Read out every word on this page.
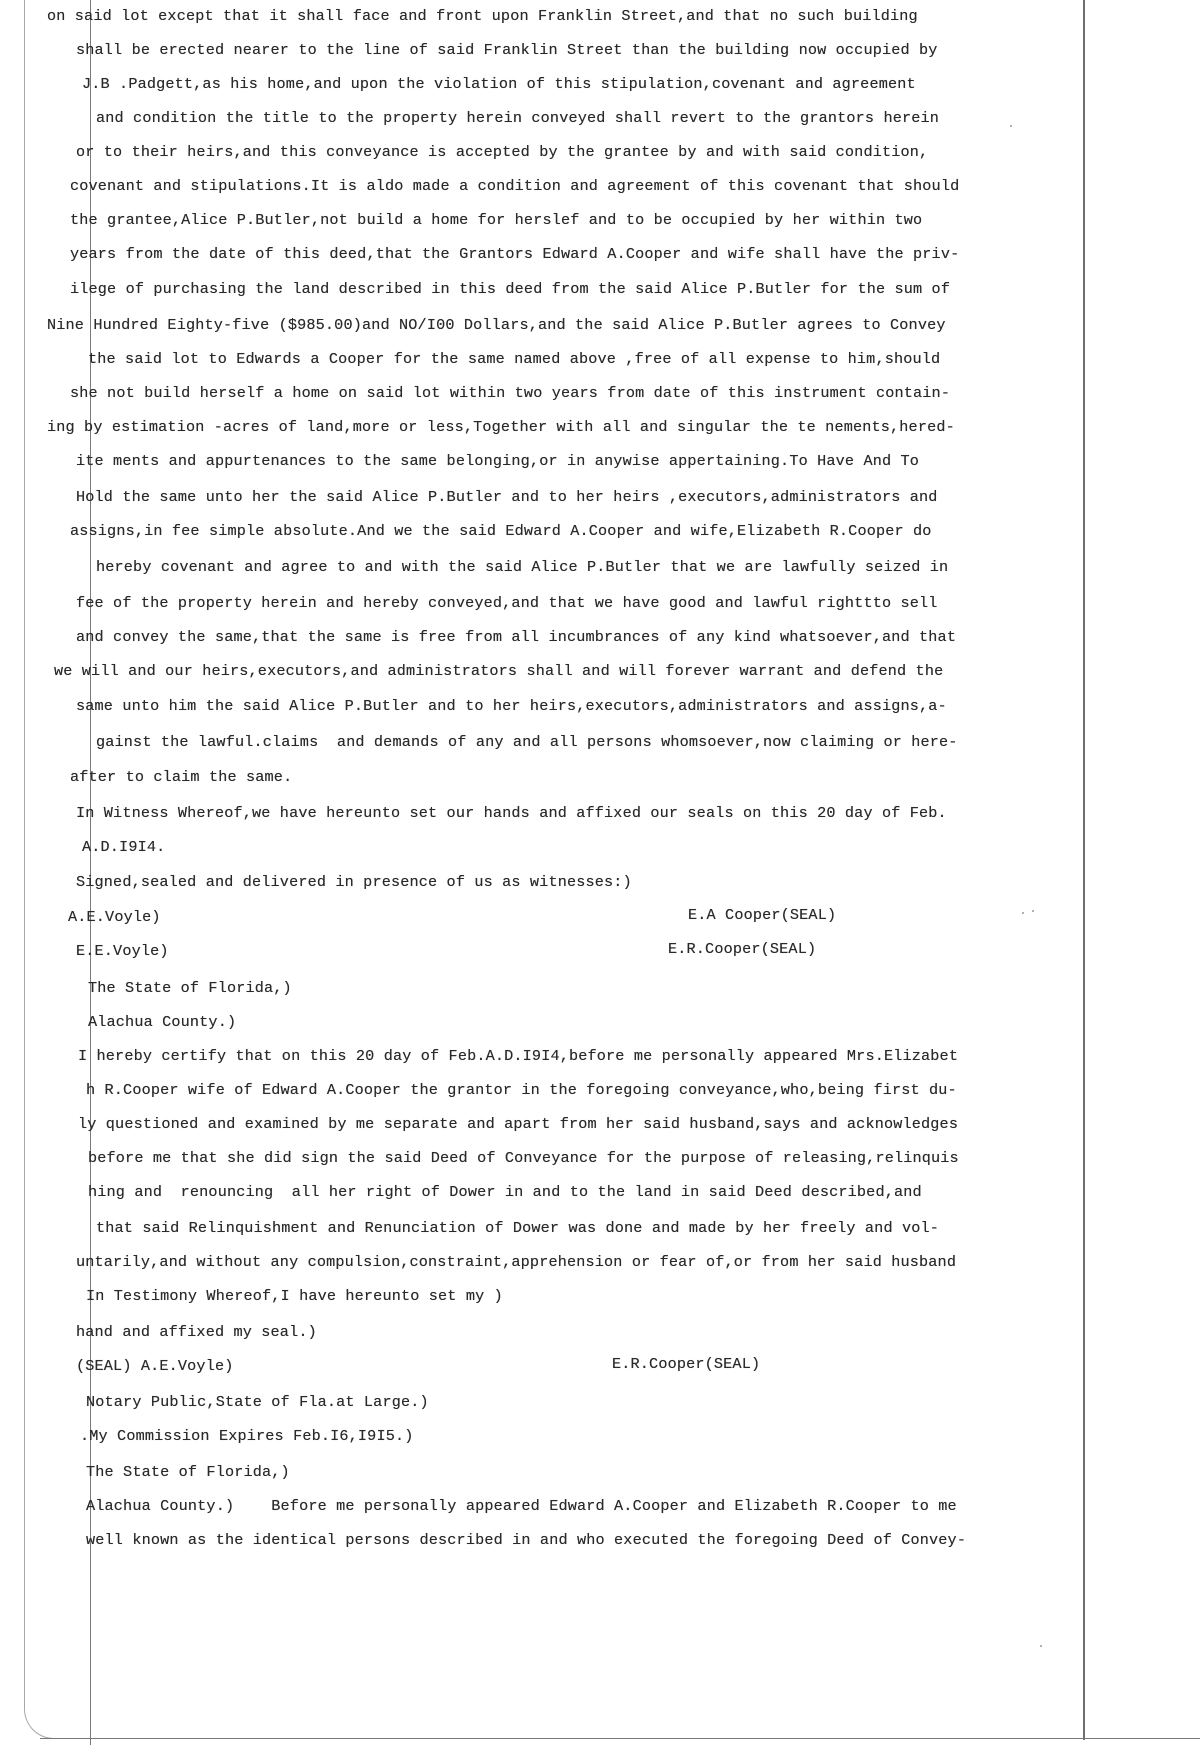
on said lot except that it shall face and front upon Franklin Street,and that no such building
shall be erected nearer to the line of said Franklin Street than the building now occupied by
J.B .Padgett,as his home,and upon the violation of this stipulation,covenant and agreement
and condition the title to the property herein conveyed shall revert to the grantors herein
or to their heirs,and this conveyance is accepted by the grantee by and with said condition,
covenant and stipulations.It is aldo made a condition and agreement of this covenant that should
the grantee,Alice P.Butler,not build a home for herslef and to be occupied by her within two
years from the date of this deed,that the Grantors Edward A.Cooper and wife shall have the priv-
ilege of purchasing the land described in this deed from the said Alice P.Butler for the sum of
Nine Hundred Eighty-five ($985.00)and NO/I00 Dollars,and the said Alice P.Butler agrees to Convey
the said lot to Edwards a Cooper for the same named above ,free of all expense to him,should
she not build herself a home on said lot within two years from date of this instrument contain-
ing by estimation -acres of land,more or less,Together with all and singular the te nements,hered-
ite ments and appurtenances to the same belonging,or in anywise appertaining.To Have And To
Hold the same unto her the said Alice P.Butler and to her heirs ,executors,administrators and
assigns,in fee simple absolute.And we the said Edward A.Cooper and wife,Elizabeth R.Cooper do
hereby covenant and agree to and with the said Alice P.Butler that we are lawfully seized in
fee of the property herein and hereby conveyed,and that we have good and lawful righttto sell
and convey the same,that the same is free from all incumbrances of any kind whatsoever,and that
we will and our heirs,executors,and administrators shall and will forever warrant and defend the
same unto him the said Alice P.Butler and to her heirs,executors,administrators and assigns,a-
gainst the lawful.claims  and demands of any and all persons whomsoever,now claiming or here-
after to claim the same.
In Witness Whereof,we have hereunto set our hands and affixed our seals on this 20 day of Feb.
A.D.I9I4.
Signed,sealed and delivered in presence of us as witnesses:)
A.E.Voyle)	E.A Cooper(SEAL)
E.E.Voyle)	E.R.Cooper(SEAL)
The State of Florida,)
Alachua County.)
I hereby certify that on this 20 day of Feb.A.D.I9I4,before me personally appeared Mrs.Elizabet
h R.Cooper wife of Edward A.Cooper the grantor in the foregoing conveyance,who,being first du-
ly questioned and examined by me separate and apart from her said husband,says and acknowledges
before me that she did sign the said Deed of Conveyance for the purpose of releasing,relinquis
hing and  renouncing  all her right of Dower in and to the land in said Deed described,and
that said Relinquishment and Renunciation of Dower was done and made by her freely and vol-
untarily,and without any compulsion,constraint,apprehension or fear of,or from her said husband
In Testimony Whereof,I have hereunto set my )
hand and affixed my seal.)
(SEAL) A.E.Voyle)	E.R.Cooper(SEAL)
Notary Public,State of Fla.at Large.)
.My Commission Expires Feb.I6,I9I5.)
The State of Florida,)
Alachua County.)    Before me personally appeared Edward A.Cooper and Elizabeth R.Cooper to me
well known as the identical persons described in and who executed the foregoing Deed of Convey-
